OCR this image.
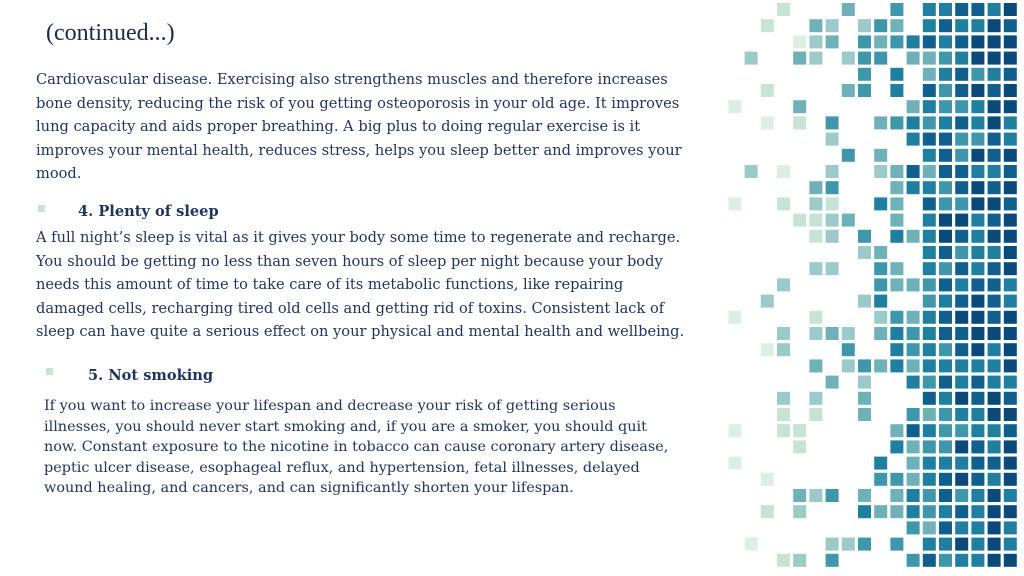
(continued...)

Cardiovascular disease. Exercising also strengthens muscles and therefore increases
bone density, reducing the risk of you getting osteoporosis in your old age. It improves
lung capacity and aids proper breathing. A big plus to doing regular exercise is it
improves your mental health, reduces stress, helps you sleep better and improves your
mood.

4. Plenty of sleep

A full night’s sleep is vital as it gives your body some time to regenerate and recharge.
You should be getting no less than seven hours of sleep per night because your body
needs this amount of time to take care of its metabolic functions, like repairing
damaged cells, recharging tired old cells and getting rid of toxins. Consistent lack of
sleep can have quite a serious effect on your physical and mental health and wellbeing.

5. Not smoking

If you want to increase your lifespan and decrease your risk of getting serious
illnesses, you should never start smoking and, if you are a smoker, you should quit
now. Constant exposure to the nicotine in tobacco can cause coronary artery disease,
peptic ulcer disease, esophageal reflux, and hypertension, fetal illnesses, delayed
wound healing, and cancers, and can significantly shorten your lifespan.
